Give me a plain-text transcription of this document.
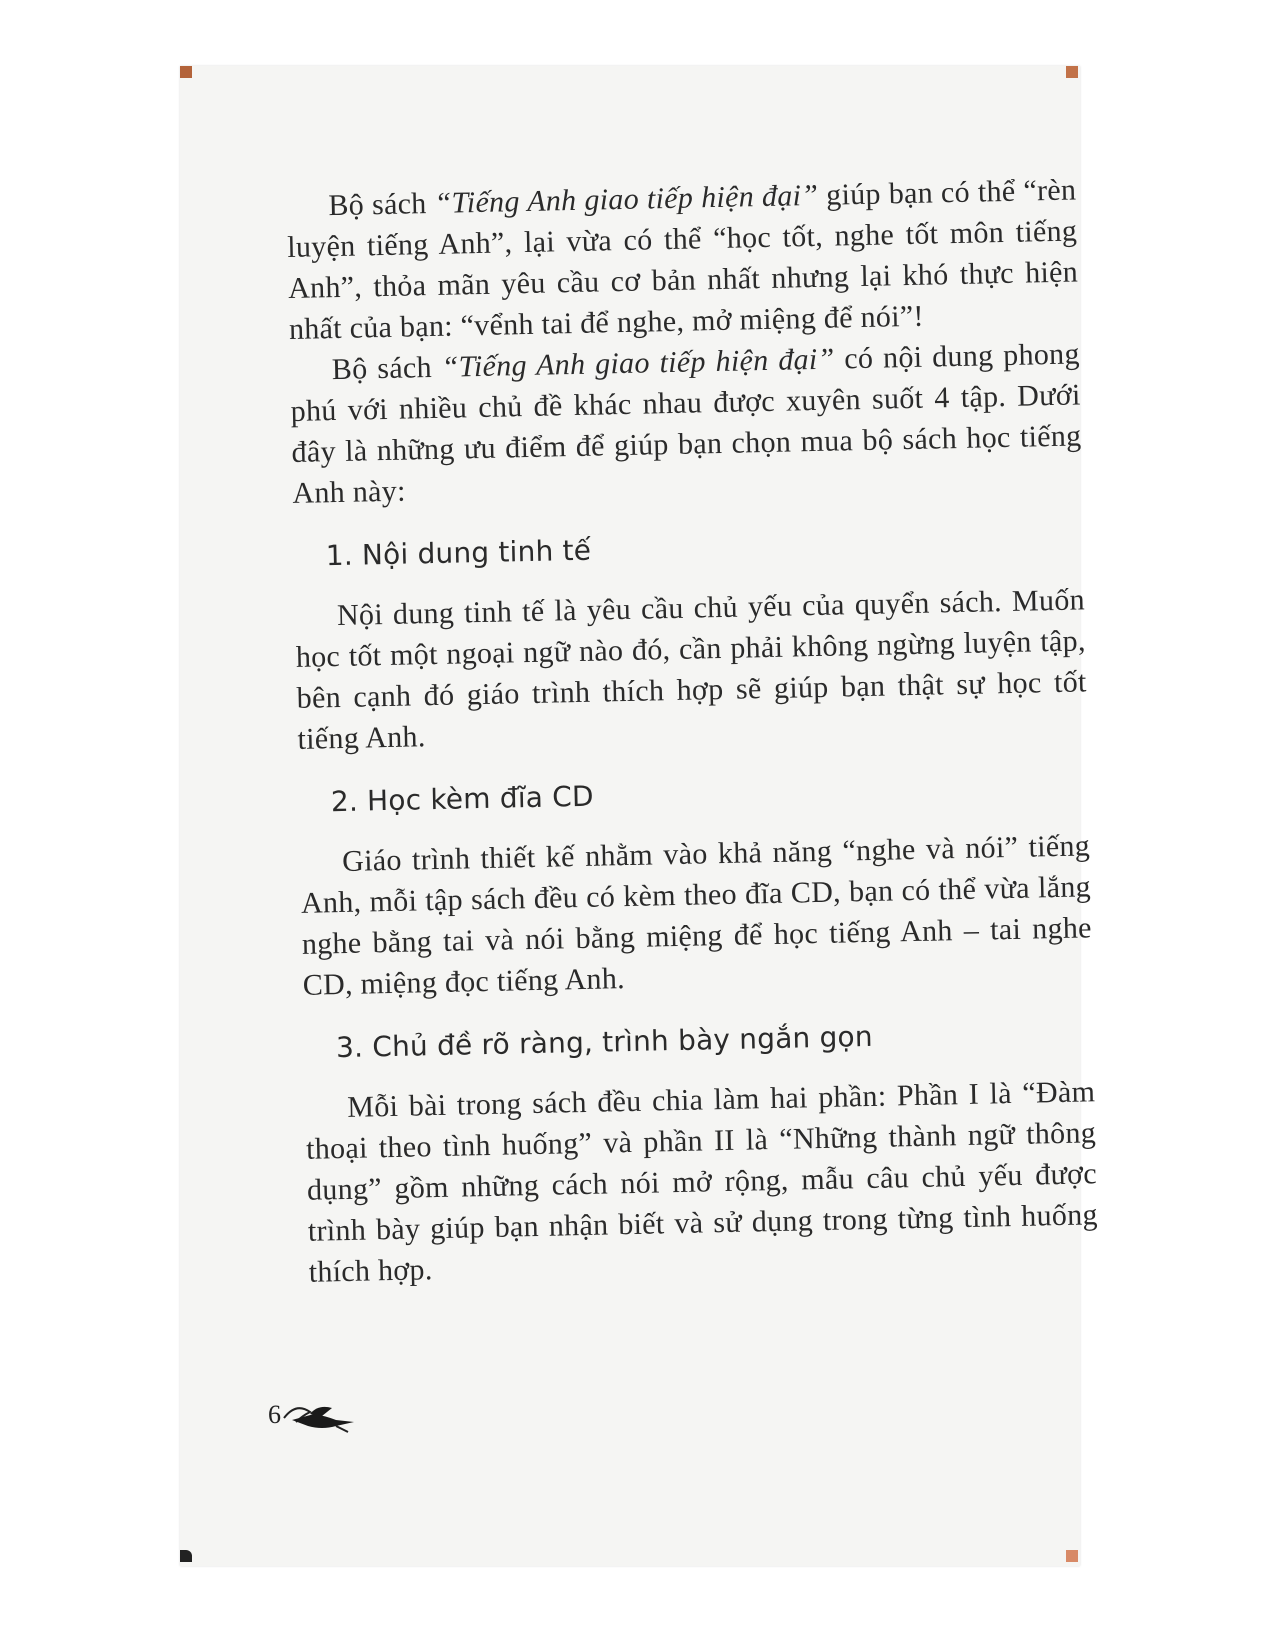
Bộ sách “Tiếng Anh giao tiếp hiện đại” giúp bạn có thể “rèn luyện tiếng Anh”, lại vừa có thể “học tốt, nghe tốt môn tiếng Anh”, thỏa mãn yêu cầu cơ bản nhất nhưng lại khó thực hiện nhất của bạn: “vểnh tai để nghe, mở miệng để nói”!

Bộ sách “Tiếng Anh giao tiếp hiện đại” có nội dung phong phú với nhiều chủ đề khác nhau được xuyên suốt 4 tập. Dưới đây là những ưu điểm để giúp bạn chọn mua bộ sách học tiếng Anh này:

1. Nội dung tinh tế

Nội dung tinh tế là yêu cầu chủ yếu của quyển sách. Muốn học tốt một ngoại ngữ nào đó, cần phải không ngừng luyện tập, bên cạnh đó giáo trình thích hợp sẽ giúp bạn thật sự học tốt tiếng Anh.

2. Học kèm đĩa CD

Giáo trình thiết kế nhằm vào khả năng “nghe và nói” tiếng Anh, mỗi tập sách đều có kèm theo đĩa CD, bạn có thể vừa lắng nghe bằng tai và nói bằng miệng để học tiếng Anh – tai nghe CD, miệng đọc tiếng Anh.

3. Chủ đề rõ ràng, trình bày ngắn gọn

Mỗi bài trong sách đều chia làm hai phần: Phần I là “Đàm thoại theo tình huống” và phần II là “Những thành ngữ thông dụng” gồm những cách nói mở rộng, mẫu câu chủ yếu được trình bày giúp bạn nhận biết và sử dụng trong từng tình huống thích hợp.

6
